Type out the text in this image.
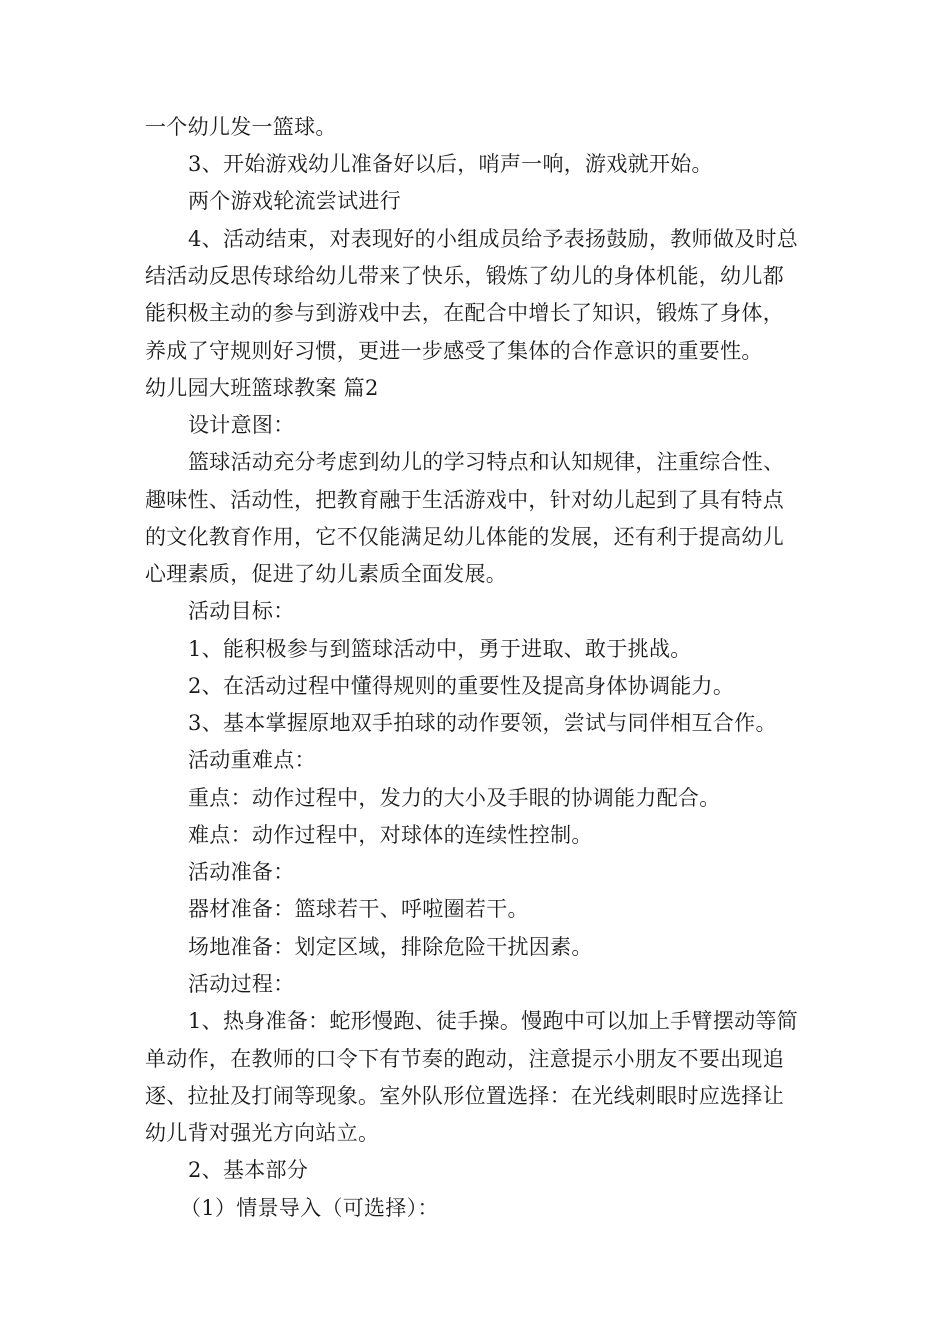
一个幼儿发一篮球。
3、开始游戏幼儿准备好以后，哨声一响，游戏就开始。
两个游戏轮流尝试进行
4、活动结束，对表现好的小组成员给予表扬鼓励，教师做及时总
结活动反思传球给幼儿带来了快乐，锻炼了幼儿的身体机能，幼儿都
能积极主动的参与到游戏中去，在配合中增长了知识，锻炼了身体，
养成了守规则好习惯，更进一步感受了集体的合作意识的重要性。
幼儿园大班篮球教案 篇2
设计意图：
篮球活动充分考虑到幼儿的学习特点和认知规律，注重综合性、
趣味性、活动性，把教育融于生活游戏中，针对幼儿起到了具有特点
的文化教育作用，它不仅能满足幼儿体能的发展，还有利于提高幼儿
心理素质，促进了幼儿素质全面发展。
活动目标：
1、能积极参与到篮球活动中，勇于进取、敢于挑战。
2、在活动过程中懂得规则的重要性及提高身体协调能力。
3、基本掌握原地双手拍球的动作要领，尝试与同伴相互合作。
活动重难点：
重点：动作过程中，发力的大小及手眼的协调能力配合。
难点：动作过程中，对球体的连续性控制。
活动准备：
器材准备：篮球若干、呼啦圈若干。
场地准备：划定区域，排除危险干扰因素。
活动过程：
1、热身准备：蛇形慢跑、徒手操。慢跑中可以加上手臂摆动等简
单动作，在教师的口令下有节奏的跑动，注意提示小朋友不要出现追
逐、拉扯及打闹等现象。室外队形位置选择：在光线刺眼时应选择让
幼儿背对强光方向站立。
2、基本部分
（1）情景导入（可选择）：
